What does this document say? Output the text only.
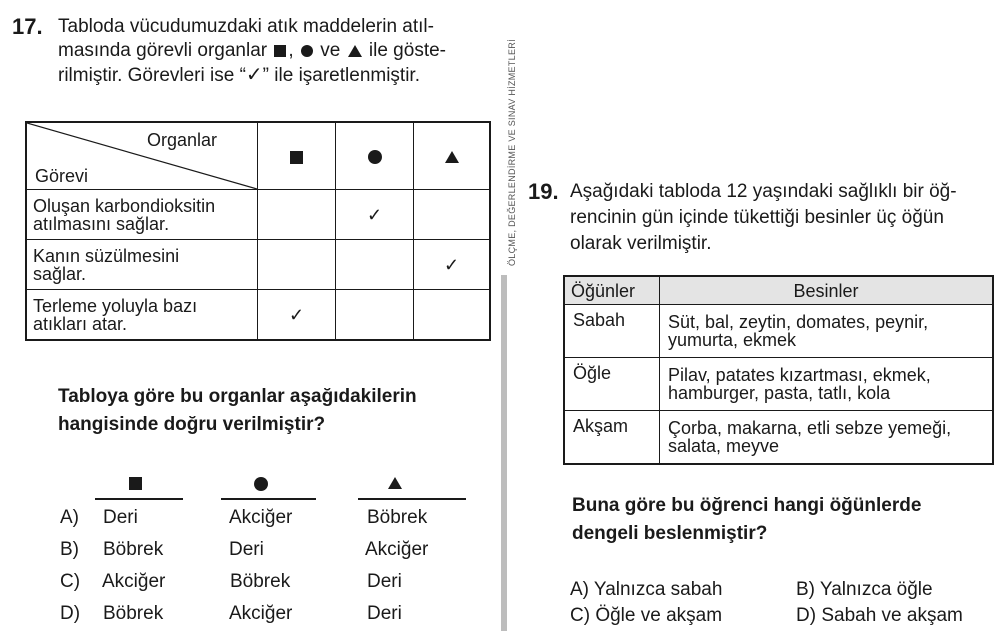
17. Tabloda vücudumuzdaki atık maddelerin atıl-
masında görevli organlar , ve ile göste-
rilmiştir. Görevleri ise “✓” ile işaretlenmiştir.
Organlar
Görevi			

Oluşan karbondioksitin
atılmasını sağlar.		✓	

Kanın süzülmesini
sağlar.			✓

Terleme yoluyla bazı
atıkları atar.	✓		
Tabloya göre bu organlar aşağıdakilerin
hangisinde doğru verilmiştir?
A) Deri	Akciğer	Böbrek
B) Böbrek	Deri	Akciğer
C) Akciğer	Böbrek	Deri
D) Böbrek	Akciğer	Deri
ÖLÇME, DEĞERLENDİRME VE SINAV HİZMETLERİ 19. Aşağıdaki tabloda 12 yaşındaki sağlıklı bir öğ-
rencinin gün içinde tükettiği besinler üç öğün
olarak verilmiştir.
Öğünler	Besinler
Sabah	Süt, bal, zeytin, domates, peynir,
yumurta, ekmek

Öğle	Pilav, patates kızartması, ekmek,
hamburger, pasta, tatlı, kola

Akşam	Çorba, makarna, etli sebze yemeği,
salata, meyve
Buna göre bu öğrenci hangi öğünlerde
dengeli beslenmiştir?
A) Yalnızca sabah	B) Yalnızca öğle
C) Öğle ve akşam	D) Sabah ve akşam
